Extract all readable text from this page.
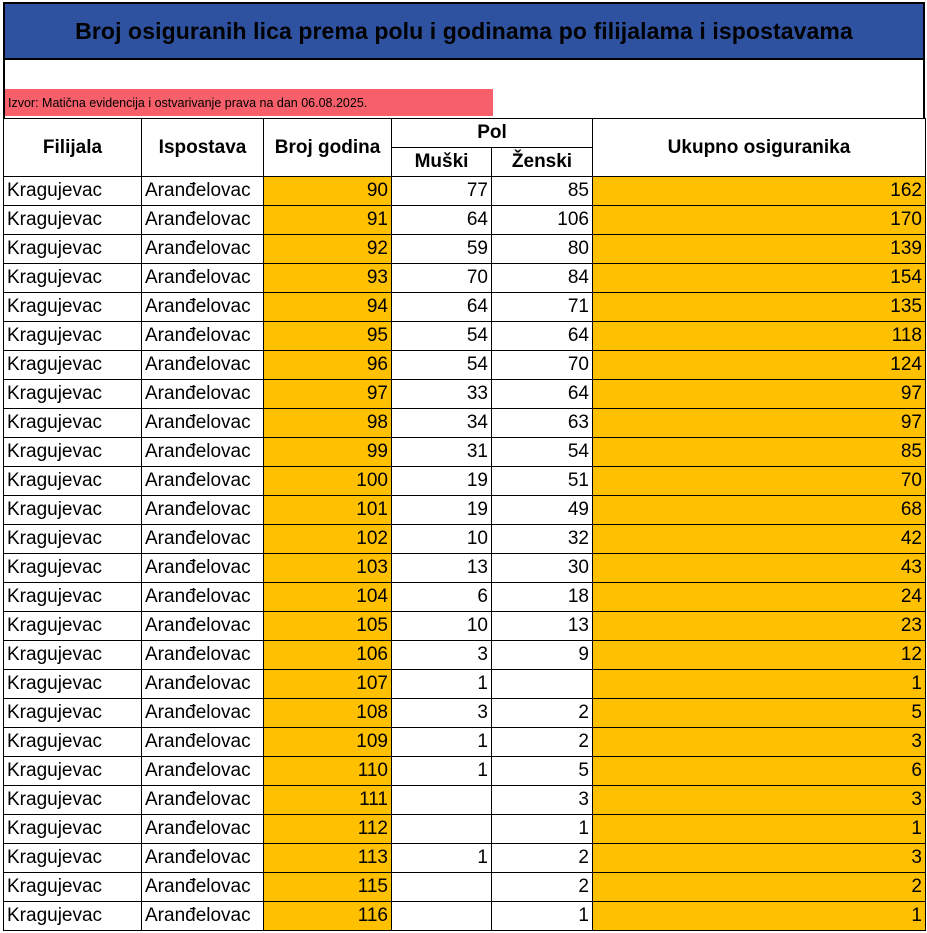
Broj osiguranih lica prema polu i godinama po filijalama i ispostavama
Izvor: Matična evidencija i ostvarivanje prava na dan 06.08.2025.
Filijala	Ispostava	Broj godina	Pol		Ukupno osiguranika
			Muški	Ženski	
Kragujevac	Aranđelovac	90	77	85	162
Kragujevac	Aranđelovac	91	64	106	170
Kragujevac	Aranđelovac	92	59	80	139
Kragujevac	Aranđelovac	93	70	84	154
Kragujevac	Aranđelovac	94	64	71	135
Kragujevac	Aranđelovac	95	54	64	118
Kragujevac	Aranđelovac	96	54	70	124
Kragujevac	Aranđelovac	97	33	64	97
Kragujevac	Aranđelovac	98	34	63	97
Kragujevac	Aranđelovac	99	31	54	85
Kragujevac	Aranđelovac	100	19	51	70
Kragujevac	Aranđelovac	101	19	49	68
Kragujevac	Aranđelovac	102	10	32	42
Kragujevac	Aranđelovac	103	13	30	43
Kragujevac	Aranđelovac	104	6	18	24
Kragujevac	Aranđelovac	105	10	13	23
Kragujevac	Aranđelovac	106	3	9	12
Kragujevac	Aranđelovac	107	1		1
Kragujevac	Aranđelovac	108	3	2	5
Kragujevac	Aranđelovac	109	1	2	3
Kragujevac	Aranđelovac	110	1	5	6
Kragujevac	Aranđelovac	111		3	3
Kragujevac	Aranđelovac	112		1	1
Kragujevac	Aranđelovac	113	1	2	3
Kragujevac	Aranđelovac	115		2	2
Kragujevac	Aranđelovac	116		1	1
